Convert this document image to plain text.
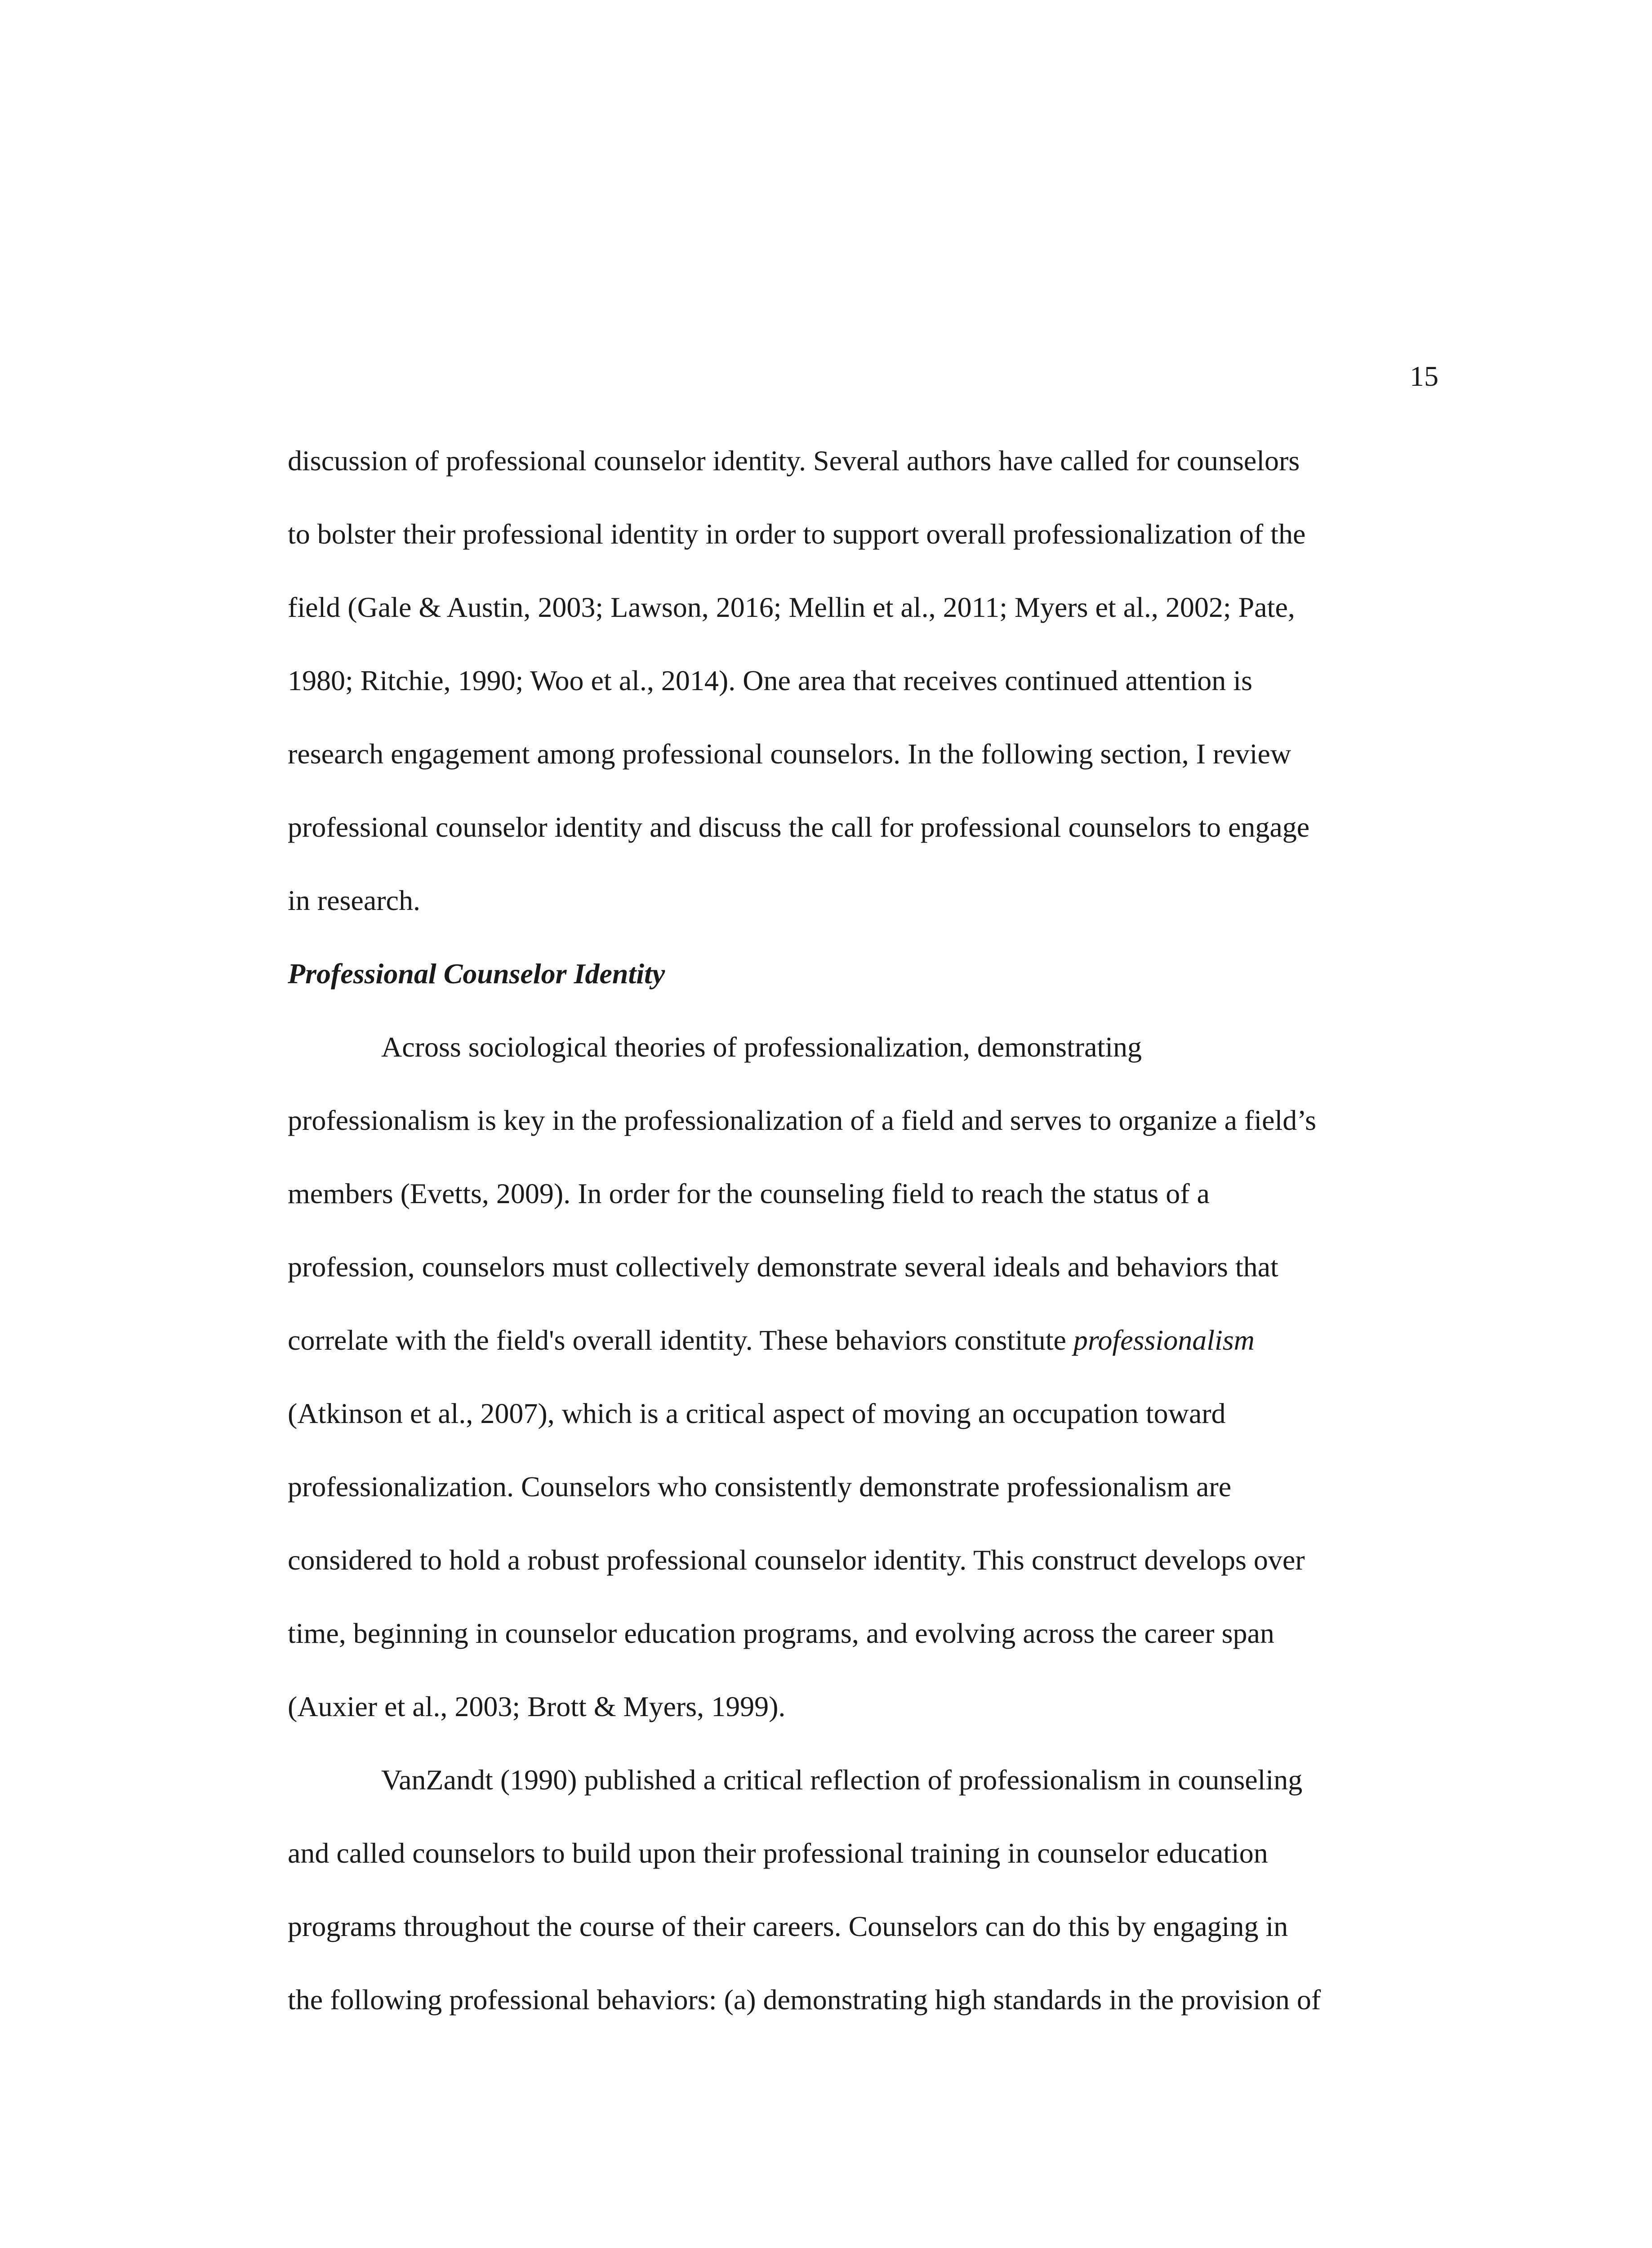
15
discussion of professional counselor identity. Several authors have called for counselors
to bolster their professional identity in order to support overall professionalization of the
field (Gale & Austin, 2003; Lawson, 2016; Mellin et al., 2011; Myers et al., 2002; Pate,
1980; Ritchie, 1990; Woo et al., 2014). One area that receives continued attention is
research engagement among professional counselors. In the following section, I review
professional counselor identity and discuss the call for professional counselors to engage
in research.
Professional Counselor Identity
Across sociological theories of professionalization, demonstrating
professionalism is key in the professionalization of a field and serves to organize a field’s
members (Evetts, 2009). In order for the counseling field to reach the status of a
profession, counselors must collectively demonstrate several ideals and behaviors that
correlate with the field's overall identity. These behaviors constitute professionalism
(Atkinson et al., 2007), which is a critical aspect of moving an occupation toward
professionalization. Counselors who consistently demonstrate professionalism are
considered to hold a robust professional counselor identity. This construct develops over
time, beginning in counselor education programs, and evolving across the career span
(Auxier et al., 2003; Brott & Myers, 1999).
VanZandt (1990) published a critical reflection of professionalism in counseling
and called counselors to build upon their professional training in counselor education
programs throughout the course of their careers. Counselors can do this by engaging in
the following professional behaviors: (a) demonstrating high standards in the provision of
